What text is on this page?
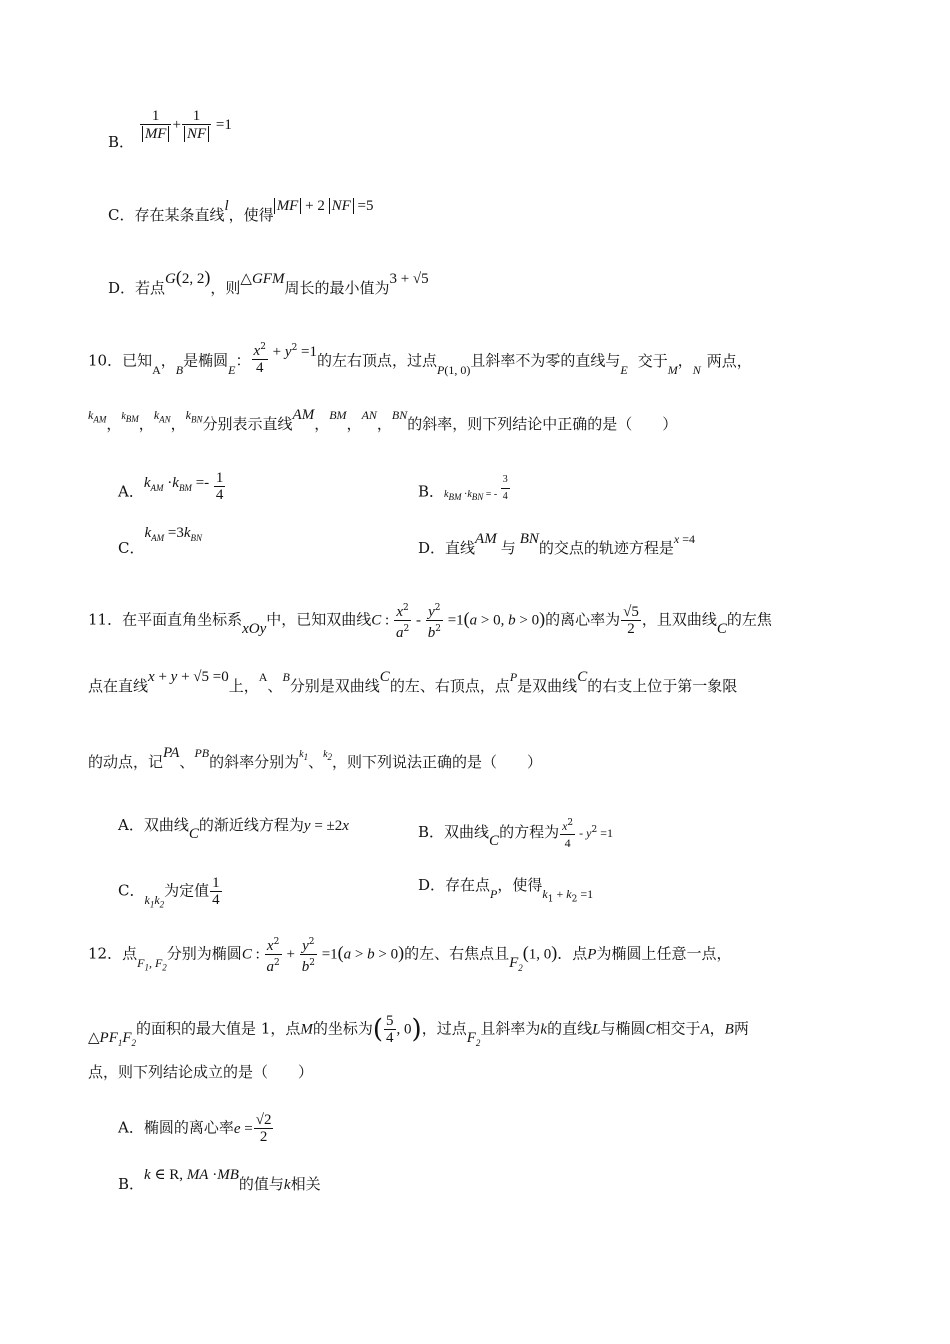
B． $\frac{1}{MF} + \frac{1}{NF} =1$
C．存在某条直线l，使得 MF + 2 NF =5
D．若点G(2, 2)，则△GFM周长的最小值为3 + √5
10．已知$_A$，$_B$是椭圆$_E$： $\frac{x^2}{4} + y^2 =1$的左右顶点，过点$_{P(1, 0)}$且斜率不为零的直线与$_E$ 交于$_M$，$_N$ 两点，
$^{k_{AM}}$，$^{k_{BM}}$，$^{k_{AN}}$，$^{k_{BN}}$分别表示直线AM，$^{BM}$，$^{AN}$，$^{BN}$的斜率，则下列结论中正确的是（　　）
A．$k_{AM} \cdot k_{BM} =- \frac{1}{4}$	B．$k_{BM} \cdot k_{BN}$ = - $\frac{3}{4}$
C．$k_{AM} =3k_{BN}$
D．直线AM 与 BN的交点的轨迹方程是$^{x =4}$
11．在平面直角坐标系xOy中，已知双曲线C : $\frac{x^2}{a^2} - \frac{y^2}{b^2} =1(a > 0$, b > 0)的离心率为 $\frac{√5}{2}$ ，且双曲线C的左焦
点在直线x + y + √5 =0上，$^A$、$^B$分别是双曲线C的左、右顶点，点$^P$是双曲线C的右支上位于第一象限
的动点，记PA、$^{PB}$的斜率分别为$^{k_1}$、$^{k_2}$，则下列说法正确的是（　　）
A．双曲线C的渐近线方程为y = ±2x	B．双曲线C的方程为 $\frac{x^2}{4} - y^2 =1$
C．$_{k_1k_2}$为定值 $\frac{1}{4}$	D．存在点$_P$，使得$_{k_1 + k_2 =1}$
12．点$_{F_1, F_2}$分别为椭圆C : $\frac{x^2}{a^2} + \frac{y^2}{b^2} =1(a > b > 0)$的左、右焦点且$F_2(1$, 0)．点P为椭圆上任意一点，
$\triangle PF_1F_2$的面积的最大值是 1，点M的坐标为( $\frac{5}{4}$ , 0)，过点$F_2$且斜率为k的直线L与椭圆C相交于A，B两
点，则下列结论成立的是（　　）
A．椭圆的离心率$e = \frac{√2}{2}$
B．k ∈ R, MA ·MB的值与k相关
